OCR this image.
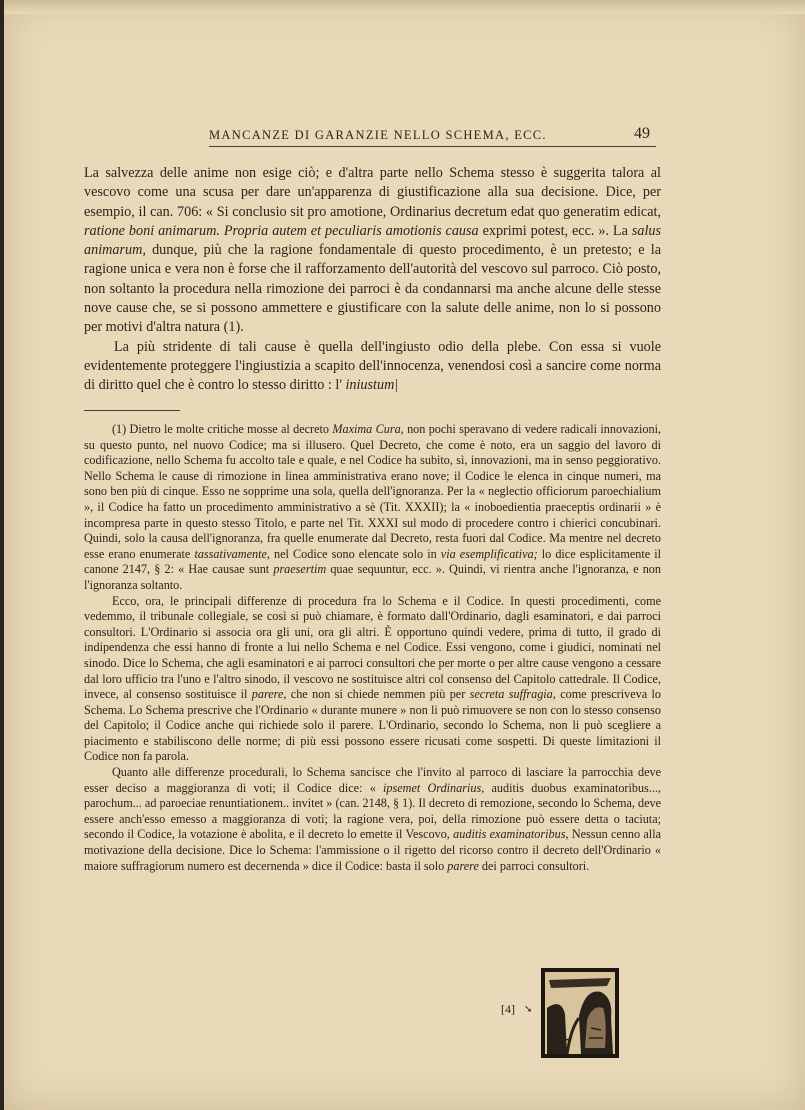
MANCANZE DI GARANZIE NELLO SCHEMA, ECC.	49

La salvezza delle anime non esige ciò; e d'altra parte nello Schema stesso è suggerita talora al vescovo come una scusa per dare un'apparenza di giustificazione alla sua decisione. Dice, per esempio, il can. 706: « Si conclusio sit pro amotione, Ordinarius decretum edat quo generatim edicat, ratione boni animarum. Propria autem et peculiaris amotionis causa exprimi potest, ecc. ». La salus animarum, dunque, più che la ragione fondamentale di questo procedimento, è un pretesto; e la ragione unica e vera non è forse che il rafforzamento dell'autorità del vescovo sul parroco. Ciò posto, non soltanto la procedura nella rimozione dei parroci è da condannarsi ma anche alcune delle stesse nove cause che, se si possono ammettere e giustificare con la salute delle anime, non lo si possono per motivi d'altra natura (1).

La più stridente di tali cause è quella dell'ingiusto odio della plebe. Con essa si vuole evidentemente proteggere l'ingiustizia a scapito dell'innocenza, venendosi così a sancire come norma di diritto quel che è contro lo stesso diritto : l' iniustum|

(1) Dietro le molte critiche mosse al decreto Maxima Cura, non pochi speravano di vedere radicali innovazioni, su questo punto, nel nuovo Codice; ma si illusero. Quel Decreto, che come è noto, era un saggio del lavoro di codificazione, nello Schema fu accolto tale e quale, e nel Codice ha subito, sì, innovazioni, ma in senso peggiorativo. Nello Schema le cause di rimozione in linea amministrativa erano nove; il Codice le elenca in cinque numeri, ma sono ben più di cinque. Esso ne sopprime una sola, quella dell'ignoranza. Per la « neglectio officiorum paroechialium », il Codice ha fatto un procedimento amministrativo a sè (Tit. XXXII); la « inoboedientia praeceptis ordinarii » è incompresa parte in questo stesso Titolo, e parte nel Tit. XXXI sul modo di procedere contro i chierici concubinari. Quindi, solo la causa dell'ignoranza, fra quelle enumerate dal Decreto, resta fuori dal Codice. Ma mentre nel decreto esse erano enumerate tassativamente, nel Codice sono elencate solo in via esemplificativa; lo dice esplicitamente il canone 2147, § 2: « Hae causae sunt praesertim quae sequuntur, ecc. ». Quindi, vi rientra anche l'ignoranza, e non l'ignoranza soltanto.

Ecco, ora, le principali differenze di procedura fra lo Schema e il Codice. In questi procedimenti, come vedemmo, il tribunale collegiale, se così si può chiamare, è formato dall'Ordinario, dagli esaminatori, e dai parroci consultori. L'Ordinario si associa ora gli uni, ora gli altri. È opportuno quindi vedere, prima di tutto, il grado di indipendenza che essi hanno di fronte a lui nello Schema e nel Codice. Essi vengono, come i giudici, nominati nel sinodo. Dice lo Schema, che agli esaminatori e ai parroci consultori che per morte o per altre cause vengono a cessare dal loro ufficio tra l'uno e l'altro sinodo, il vescovo ne sostituisce altri col consenso del Capitolo cattedrale. Il Codice, invece, al consenso sostituisce il parere, che non si chiede nemmen più per secreta suffragia, come prescriveva lo Schema. Lo Schema prescrive che l'Ordinario « durante munere » non li può rimuovere se non con lo stesso consenso del Capitolo; il Codice anche qui richiede solo il parere. L'Ordinario, secondo lo Schema, non li può scegliere a piacimento e stabiliscono delle norme; di più essi possono essere ricusati come sospetti. Di queste limitazioni il Codice non fa parola.

Quanto alle differenze procedurali, lo Schema sancisce che l'invito al parroco di lasciare la parrocchia deve esser deciso a maggioranza di voti; il Codice dice: « ipsemet Ordinarius, auditis duobus examinatoribus..., parochum... ad paroeciae renuntiationem.. invitet » (can. 2148, § 1). Il decreto di remozione, secondo lo Schema, deve essere anch'esso emesso a maggioranza di voti; la ragione vera, poi, della rimozione può essere detta o taciuta; secondo il Codice, la votazione è abolita, e il decreto lo emette il Vescovo, auditis examinatoribus, Nessun cenno alla motivazione della decisione. Dice lo Schema: l'ammissione o il rigetto del ricorso contro il decreto dell'Ordinario « maiore suffragiorum numero est decernenda » dice il Codice: basta il solo parere dei parroci consultori.

[4] ➘
